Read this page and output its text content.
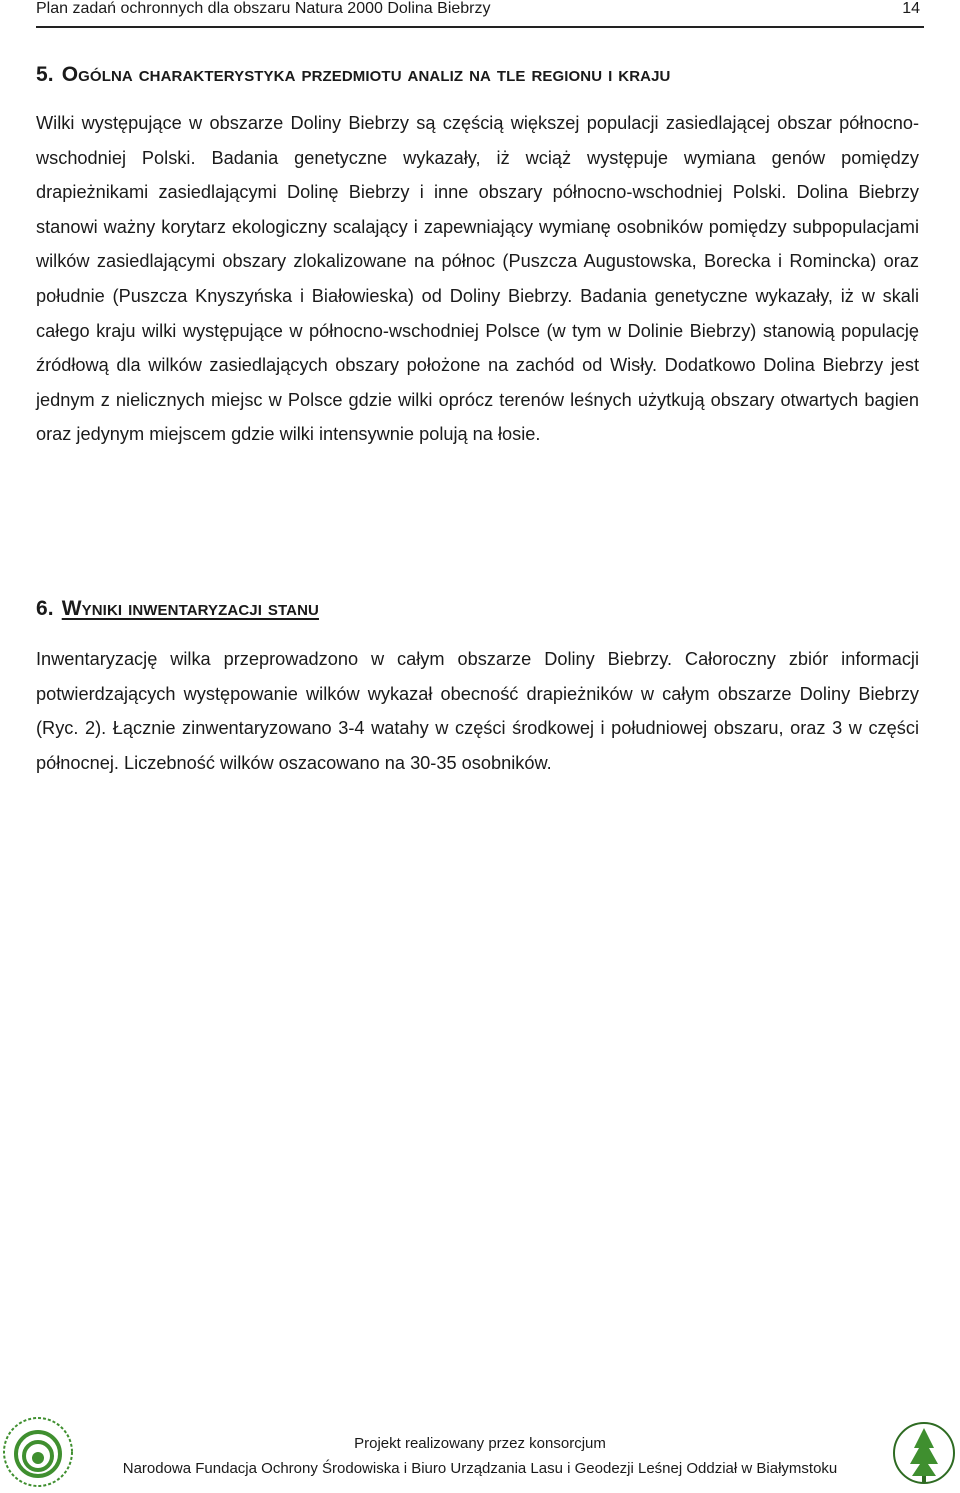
Plan zadań ochronnych dla obszaru Natura 2000 Dolina Biebrzy	14
5. Ogólna charakterystyka przedmiotu analiz na tle regionu i kraju

Wilki występujące w obszarze Doliny Biebrzy są częścią większej populacji zasiedlającej obszar północno-wschodniej Polski. Badania genetyczne wykazały, iż wciąż występuje wymiana genów pomiędzy drapieżnikami zasiedlającymi Dolinę Biebrzy i inne obszary północno-wschodniej Polski. Dolina Biebrzy stanowi ważny korytarz ekologiczny scalający i zapewniający wymianę osobników pomiędzy subpopulacjami wilków zasiedlającymi obszary zlokalizowane na północ (Puszcza Augustowska, Borecka i Romincka) oraz południe (Puszcza Knyszyńska i Białowieska) od Doliny Biebrzy. Badania genetyczne wykazały, iż w skali całego kraju wilki występujące w północno-wschodniej Polsce (w tym w Dolinie Biebrzy) stanowią populację źródłową dla wilków zasiedlających obszary położone na zachód od Wisły. Dodatkowo Dolina Biebrzy jest jednym z nielicznych miejsc w Polsce gdzie wilki oprócz terenów leśnych użytkują obszary otwartych bagien oraz jedynym miejscem gdzie wilki intensywnie polują na łosie.

6. Wyniki inwentaryzacji stanu

Inwentaryzację wilka przeprowadzono w całym obszarze Doliny Biebrzy. Całoroczny zbiór informacji potwierdzających występowanie wilków wykazał obecność drapieżników w całym obszarze Doliny Biebrzy (Ryc. 2). Łącznie zinwentaryzowano 3-4 watahy w części środkowej i południowej obszaru, oraz 3 w części północnej. Liczebność wilków oszacowano na 30-35 osobników.

Projekt realizowany przez konsorcjum
Narodowa Fundacja Ochrony Środowiska i Biuro Urządzania Lasu i Geodezji Leśnej Oddział w Białymstoku
